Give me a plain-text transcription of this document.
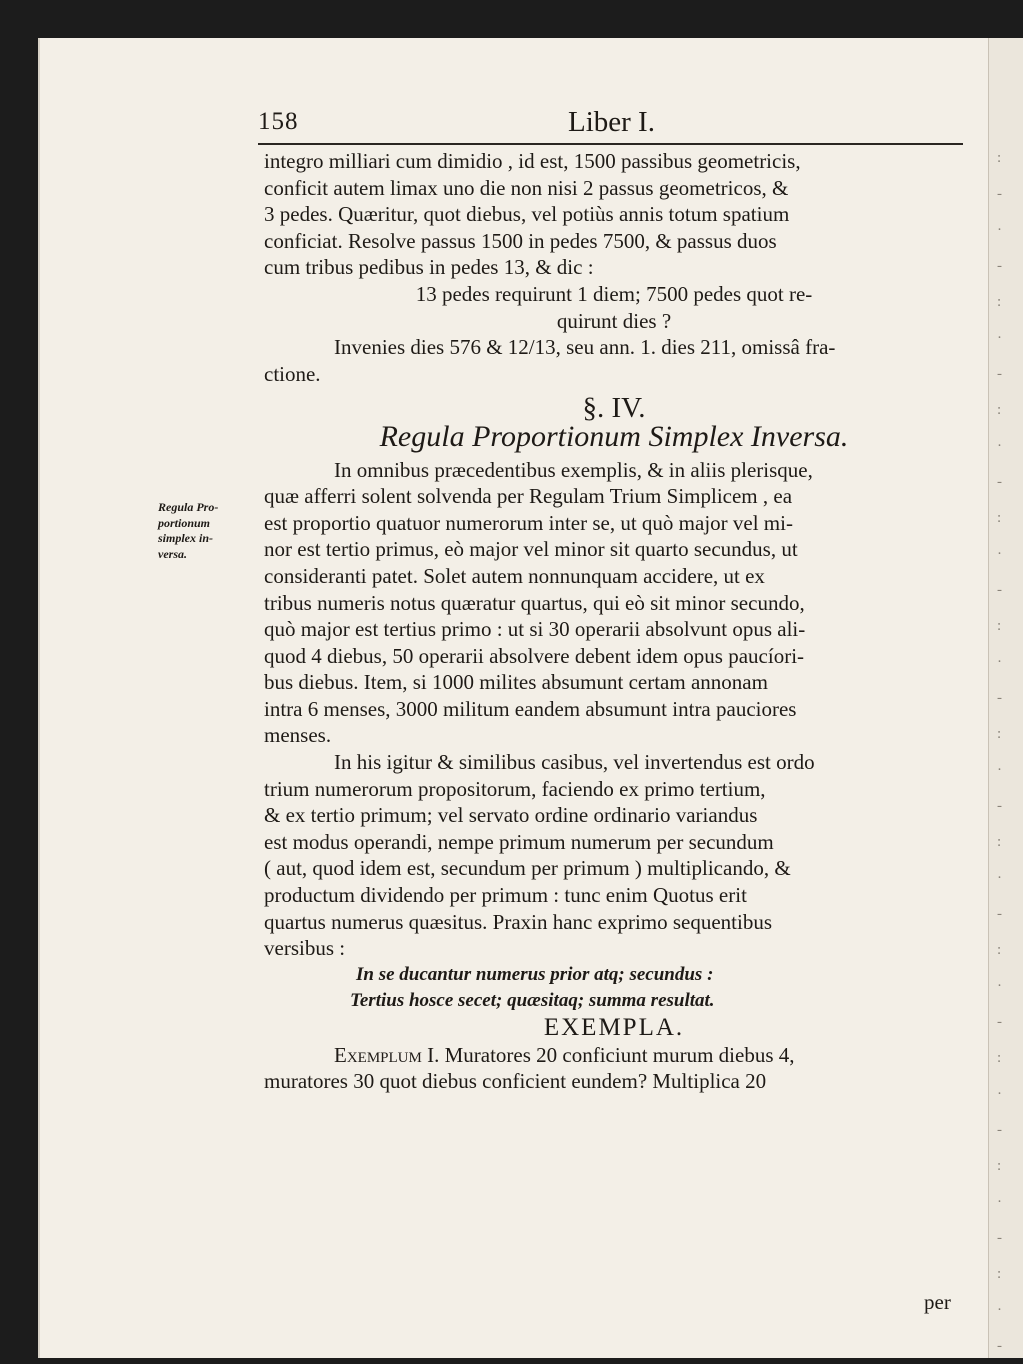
:
-
·
-
:
·
-
:
·
-
:
·
-
:
·
-
:
·
-
:
·
-
:
·
-
:
·
-
:
·
-
:
·
-
158	Liber I.
Regula Pro-
portionum
simplex in-
versa.

integro milliari cum dimidio , id est, 1500 passibus geometricis,

conficit autem limax uno die non nisi 2 passus geometricos, &

3 pedes. Quæritur, quot diebus, vel potiùs annis totum spatium

conficiat. Resolve passus 1500 in pedes 7500, & passus duos

cum tribus pedibus in pedes 13, & dic :

13 pedes requirunt 1 diem; 7500 pedes quot re-

quirunt dies ?

Invenies dies 576 & 12/13, seu ann. 1. dies 211, omissâ fra-

ctione.

§. IV.
Regula Proportionum Simplex Inversa.

In omnibus præcedentibus exemplis, & in aliis plerisque,

quæ afferri solent solvenda per Regulam Trium Simplicem , ea

est proportio quatuor numerorum inter se, ut quò major vel mi-

nor est tertio primus, eò major vel minor sit quarto secundus, ut

consideranti patet. Solet autem nonnunquam accidere, ut ex

tribus numeris notus quæratur quartus, qui eò sit minor secundo,

quò major est tertius primo : ut si 30 operarii absolvunt opus ali-

quod 4 diebus, 50 operarii absolvere debent idem opus paucíori-

bus diebus. Item, si 1000 milites absumunt certam annonam

intra 6 menses, 3000 militum eandem absumunt intra pauciores

menses.

In his igitur & similibus casibus, vel invertendus est ordo

trium numerorum propositorum, faciendo ex primo tertium,

& ex tertio primum; vel servato ordine ordinario variandus

est modus operandi, nempe primum numerum per secundum

( aut, quod idem est, secundum per primum ) multiplicando, &

productum dividendo per primum : tunc enim Quotus erit

quartus numerus quæsitus. Praxin hanc exprimo sequentibus

versibus :

In se ducantur numerus prior atq; secundus :

Tertius hosce secet; quæsitaq; summa resultat.

EXEMPLA.

Exemplum I. Muratores 20 conficiunt murum diebus 4,

muratores 30 quot diebus conficient eundem? Multiplica 20

per
